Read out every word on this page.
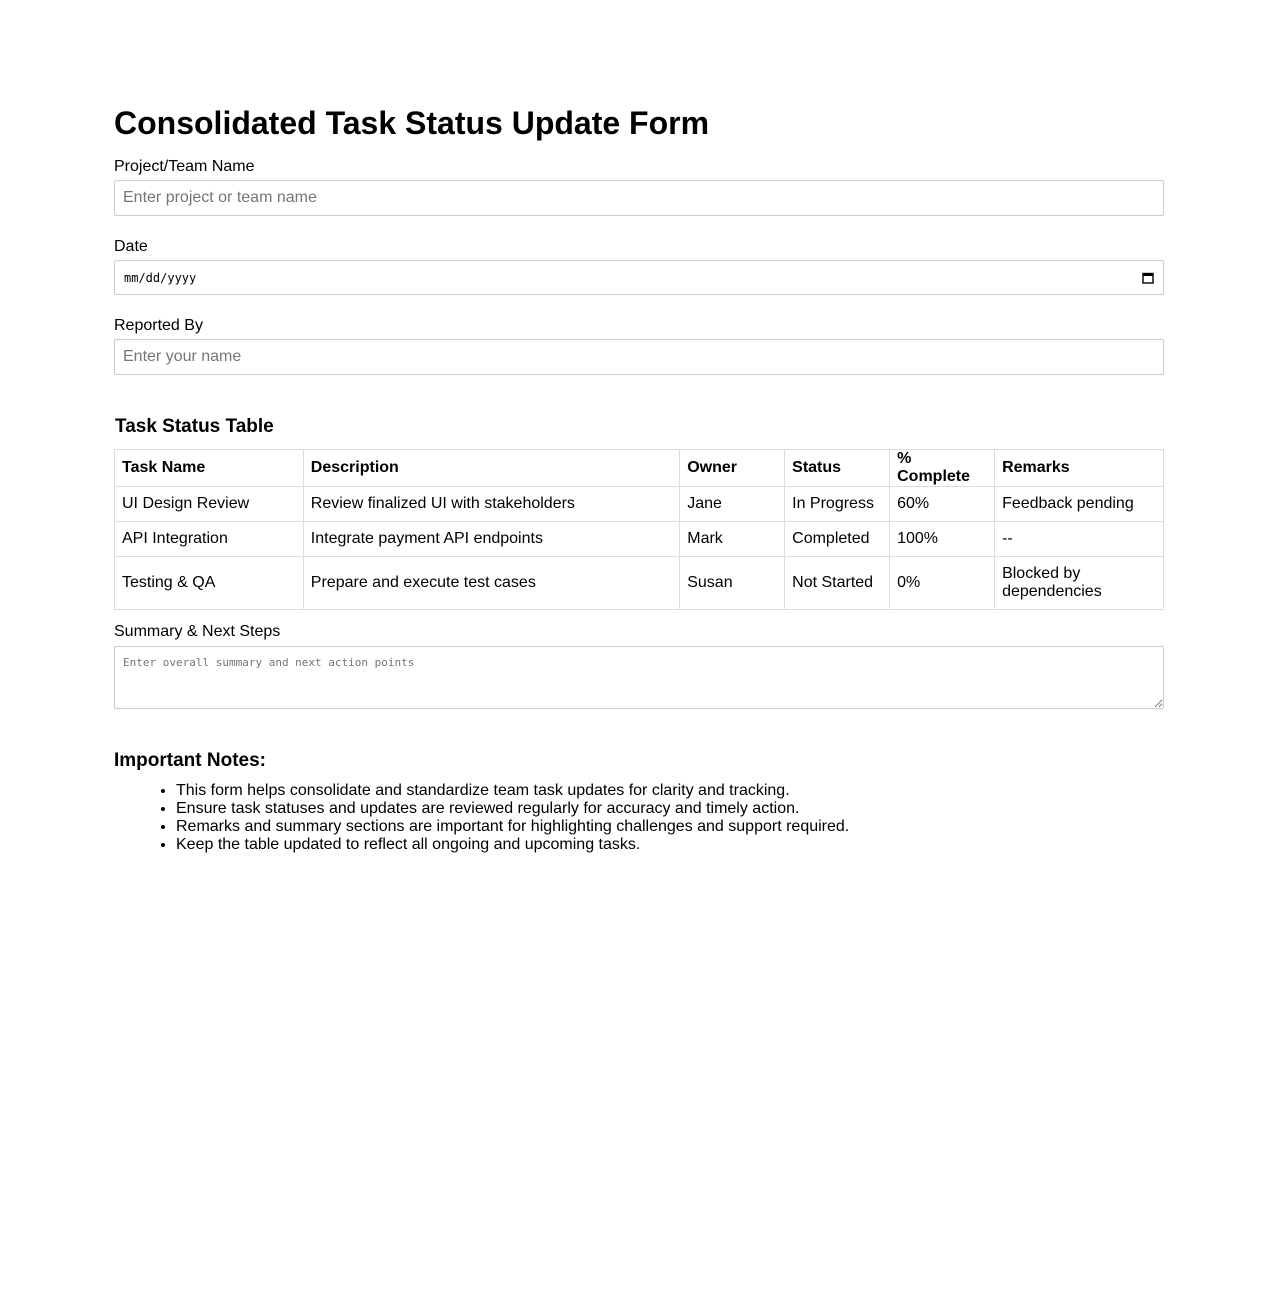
Consolidated Task Status Update Form
Project/Team Name
Enter project or team name
Date
mm/dd/yyyy
Reported By
Enter your name
Task Status Table
Task Name	Description	Owner	Status	% Complete	Remarks
UI Design Review	Review finalized UI with stakeholders	Jane	In Progress	60%	Feedback pending
API Integration	Integrate payment API endpoints	Mark	Completed	100%	--
Testing & QA	Prepare and execute test cases	Susan	Not Started	0%	Blocked by dependencies
Summary & Next Steps
Enter overall summary and next action points
Important Notes:
• This form helps consolidate and standardize team task updates for clarity and tracking.
• Ensure task statuses and updates are reviewed regularly for accuracy and timely action.
• Remarks and summary sections are important for highlighting challenges and support required.
• Keep the table updated to reflect all ongoing and upcoming tasks.
